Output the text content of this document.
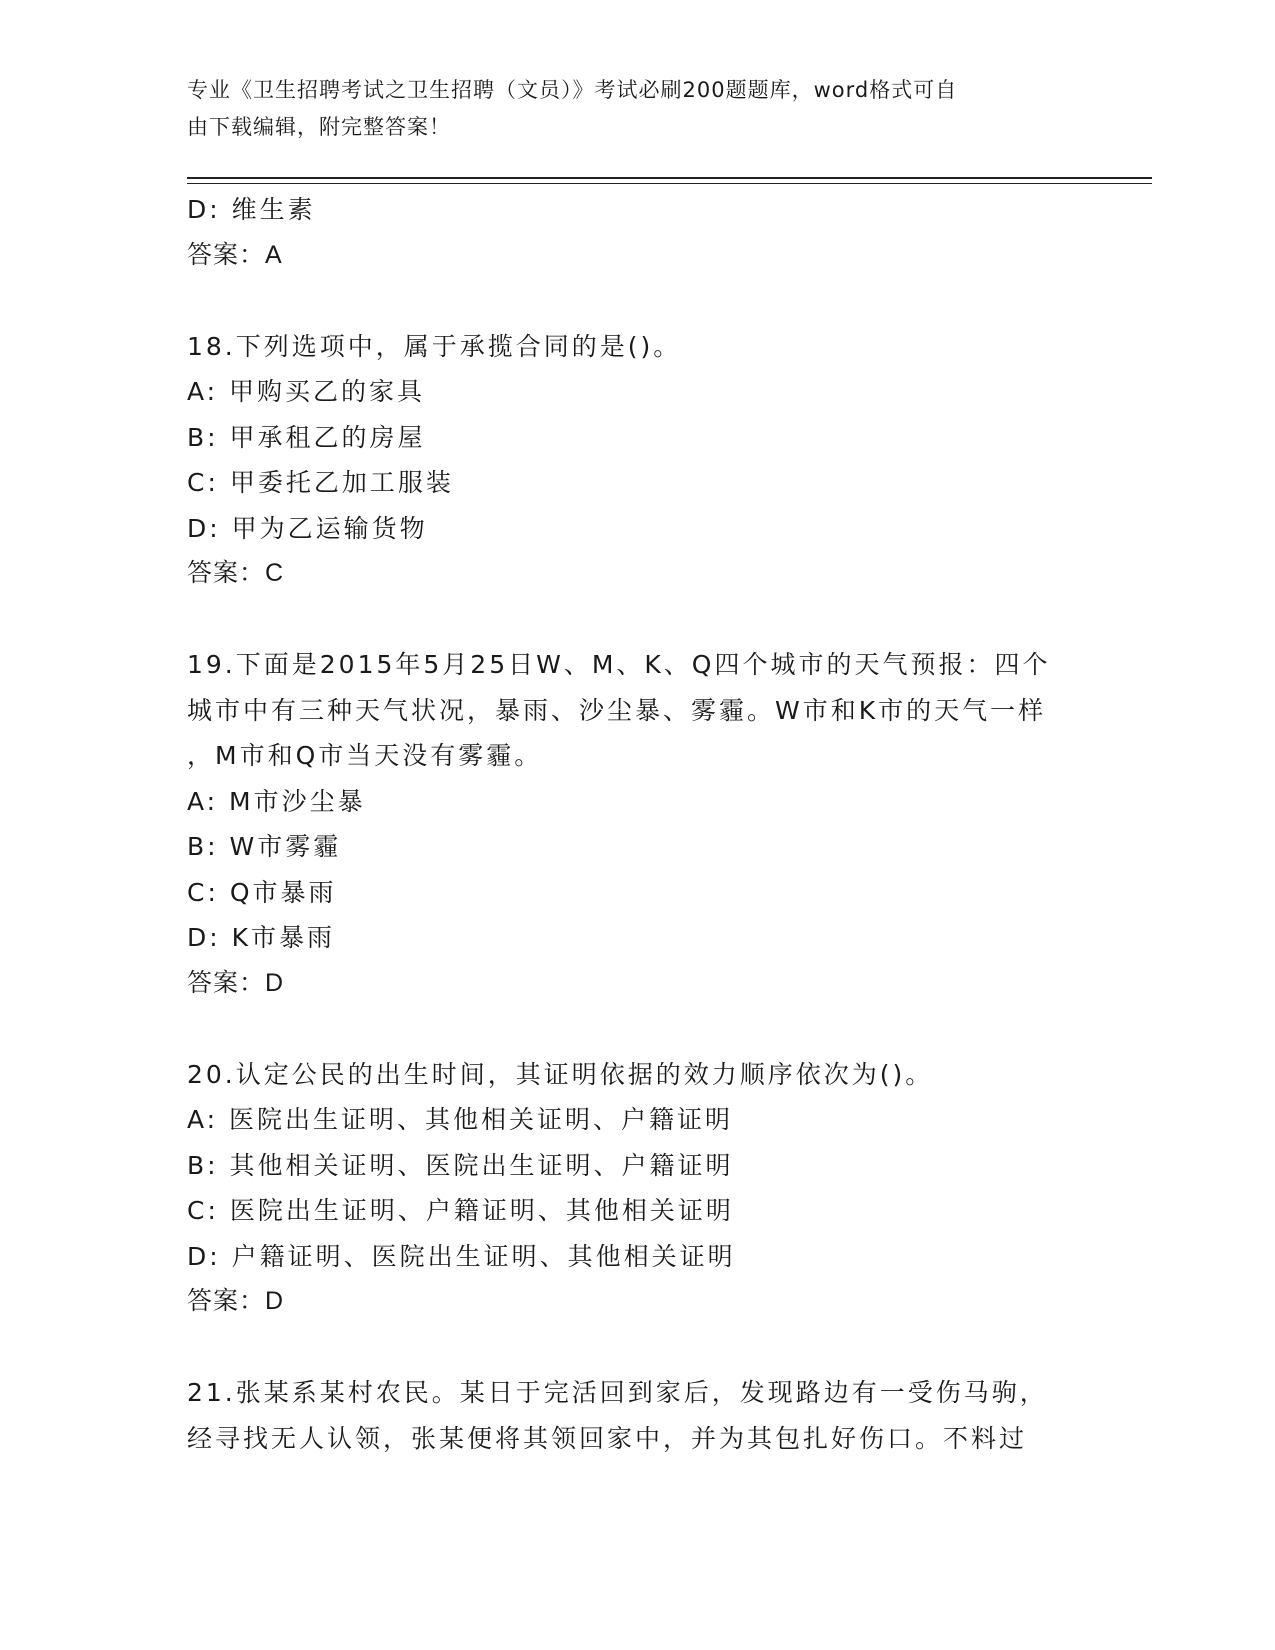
专业《卫生招聘考试之卫生招聘（文员）》考试必刷200题题库，word格式可自
由下载编辑，附完整答案！
D: 维生素
答案：A
18.下列选项中，属于承揽合同的是()。
A: 甲购买乙的家具
B: 甲承租乙的房屋
C: 甲委托乙加工服装
D: 甲为乙运输货物
答案：C
19.下面是2015年5月25日W、M、K、Q四个城市的天气预报：四个
城市中有三种天气状况，暴雨、沙尘暴、雾霾。W市和K市的天气一样
，M市和Q市当天没有雾霾。
A: M市沙尘暴
B: W市雾霾
C: Q市暴雨
D: K市暴雨
答案：D
20.认定公民的出生时间，其证明依据的效力顺序依次为()。
A: 医院出生证明、其他相关证明、户籍证明
B: 其他相关证明、医院出生证明、户籍证明
C: 医院出生证明、户籍证明、其他相关证明
D: 户籍证明、医院出生证明、其他相关证明
答案：D
21.张某系某村农民。某日于完活回到家后，发现路边有一受伤马驹，
经寻找无人认领，张某便将其领回家中，并为其包扎好伤口。不料过
